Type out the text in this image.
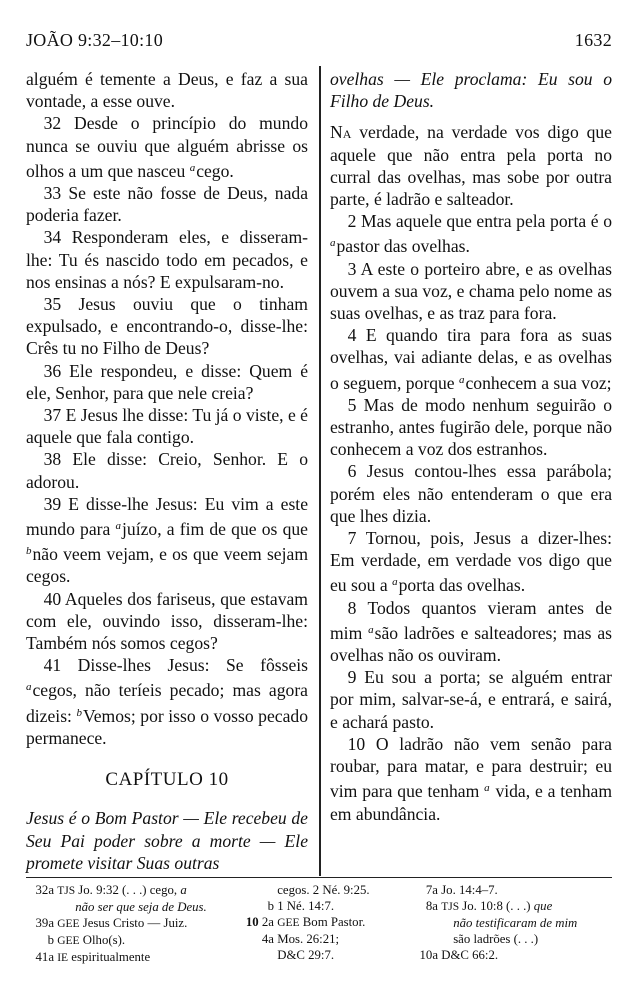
JOÃO 9:32–10:10	1632

alguém é temente a Deus, e faz a sua vontade, a esse ouve.

32 Desde o princípio do mundo nunca se ouviu que alguém abrisse os olhos a um que nasceu $^a$cego.

33 Se este não fosse de Deus, nada poderia fazer.

34 Responderam eles, e disseram-lhe: Tu és nascido todo em pecados, e nos ensinas a nós? E expulsaram-no.

35 Jesus ouviu que o tinham expulsado, e encontrando-o, disse-lhe: Crês tu no Filho de Deus?

36 Ele respondeu, e disse: Quem é ele, Senhor, para que nele creia?

37 E Jesus lhe disse: Tu já o viste, e é aquele que fala contigo.

38 Ele disse: Creio, Senhor. E o adorou.

39 E disse-lhe Jesus: Eu vim a este mundo para $^a$juízo, a fim de que os que $^b$não veem vejam, e os que veem sejam cegos.

40 Aqueles dos fariseus, que estavam com ele, ouvindo isso, disseram-lhe: Também nós somos cegos?

41 Disse-lhes Jesus: Se fôsseis $^a$cegos, não teríeis pecado; mas agora dizeis: $^b$Vemos; por isso o vosso pecado permanece.

CAPÍTULO 10

Jesus é o Bom Pastor — Ele recebeu de Seu Pai poder sobre a morte — Ele promete visitar Suas outras

ovelhas — Ele proclama: Eu sou o Filho de Deus.

Na verdade, na verdade vos digo que aquele que não entra pela porta no curral das ovelhas, mas sobe por outra parte, é ladrão e salteador.

2 Mas aquele que entra pela porta é o $^a$pastor das ovelhas.

3 A este o porteiro abre, e as ovelhas ouvem a sua voz, e chama pelo nome as suas ovelhas, e as traz para fora.

4 E quando tira para fora as suas ovelhas, vai adiante delas, e as ovelhas o seguem, porque $^a$conhecem a sua voz;

5 Mas de modo nenhum seguirão o estranho, antes fugirão dele, porque não conhecem a voz dos estranhos.

6 Jesus contou-lhes essa parábola; porém eles não entenderam o que era que lhes dizia.

7 Tornou, pois, Jesus a dizer-lhes: Em verdade, em verdade vos digo que eu sou a $^a$porta das ovelhas.

8 Todos quantos vieram antes de mim $^a$são ladrões e salteadores; mas as ovelhas não os ouviram.

9 Eu sou a porta; se alguém entrar por mim, salvar-se-á, e entrará, e sairá, e achará pasto.

10 O ladrão não vem senão para roubar, para matar, e para destruir; eu vim para que tenham $^a$ vida, e a tenham em abundância.

32a TJS Jo. 9:32 (. . .) cego, a
não ser que seja de Deus.
39a GEE Jesus Cristo — Juiz.
b GEE Olho(s).
41a IE espiritualmente
cegos. 2 Né. 9:25.
b 1 Né. 14:7.
10 2a GEE Bom Pastor.
4a Mos. 26:21;
D&C 29:7.
7a Jo. 14:4–7.
8a TJS Jo. 10:8 (. . .) que
não testificaram de mim
são ladrões (. . .)
10a D&C 66:2.
